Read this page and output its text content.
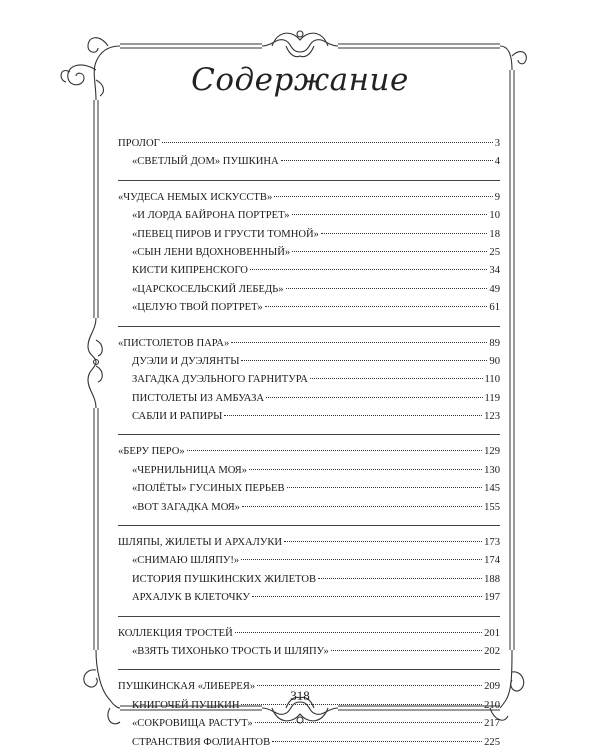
Содержание
ПРОЛОГ	3
«СВЕТЛЫЙ ДОМ» ПУШКИНА	4
«ЧУДЕСА НЕМЫХ ИСКУССТВ»	9
«И ЛОРДА БАЙРОНА ПОРТРЕТ»	10
«ПЕВЕЦ ПИРОВ И ГРУСТИ ТОМНОЙ»	18
«СЫН ЛЕНИ ВДОХНОВЕННЫЙ»	25
КИСТИ КИПРЕНСКОГО	34
«ЦАРСКОСЕЛЬСКИЙ ЛЕБЕДЬ»	49
«ЦЕЛУЮ ТВОЙ ПОРТРЕТ»	61
«ПИСТОЛЕТОВ ПАРА»	89
ДУЭЛИ И ДУЭЛЯНТЫ	90
ЗАГАДКА ДУЭЛЬНОГО ГАРНИТУРА	110
ПИСТОЛЕТЫ ИЗ АМБУАЗА	119
САБЛИ И РАПИРЫ	123
«БЕРУ ПЕРО»	129
«ЧЕРНИЛЬНИЦА МОЯ»	130
«ПОЛЁТЫ» ГУСИНЫХ ПЕРЬЕВ	145
«ВОТ ЗАГАДКА МОЯ»	155
ШЛЯПЫ, ЖИЛЕТЫ И АРХАЛУКИ	173
«СНИМАЮ ШЛЯПУ!»	174
ИСТОРИЯ ПУШКИНСКИХ ЖИЛЕТОВ	188
АРХАЛУК В КЛЕТОЧКУ	197
КОЛЛЕКЦИЯ ТРОСТЕЙ	201
«ВЗЯТЬ ТИХОНЬКО ТРОСТЬ И ШЛЯПУ»	202
ПУШКИНСКАЯ «ЛИБЕРЕЯ»	209
КНИГОЧЕЙ ПУШКИН	210
«СОКРОВИЩА РАСТУТ»	217
СТРАНСТВИЯ ФОЛИАНТОВ	225
318
